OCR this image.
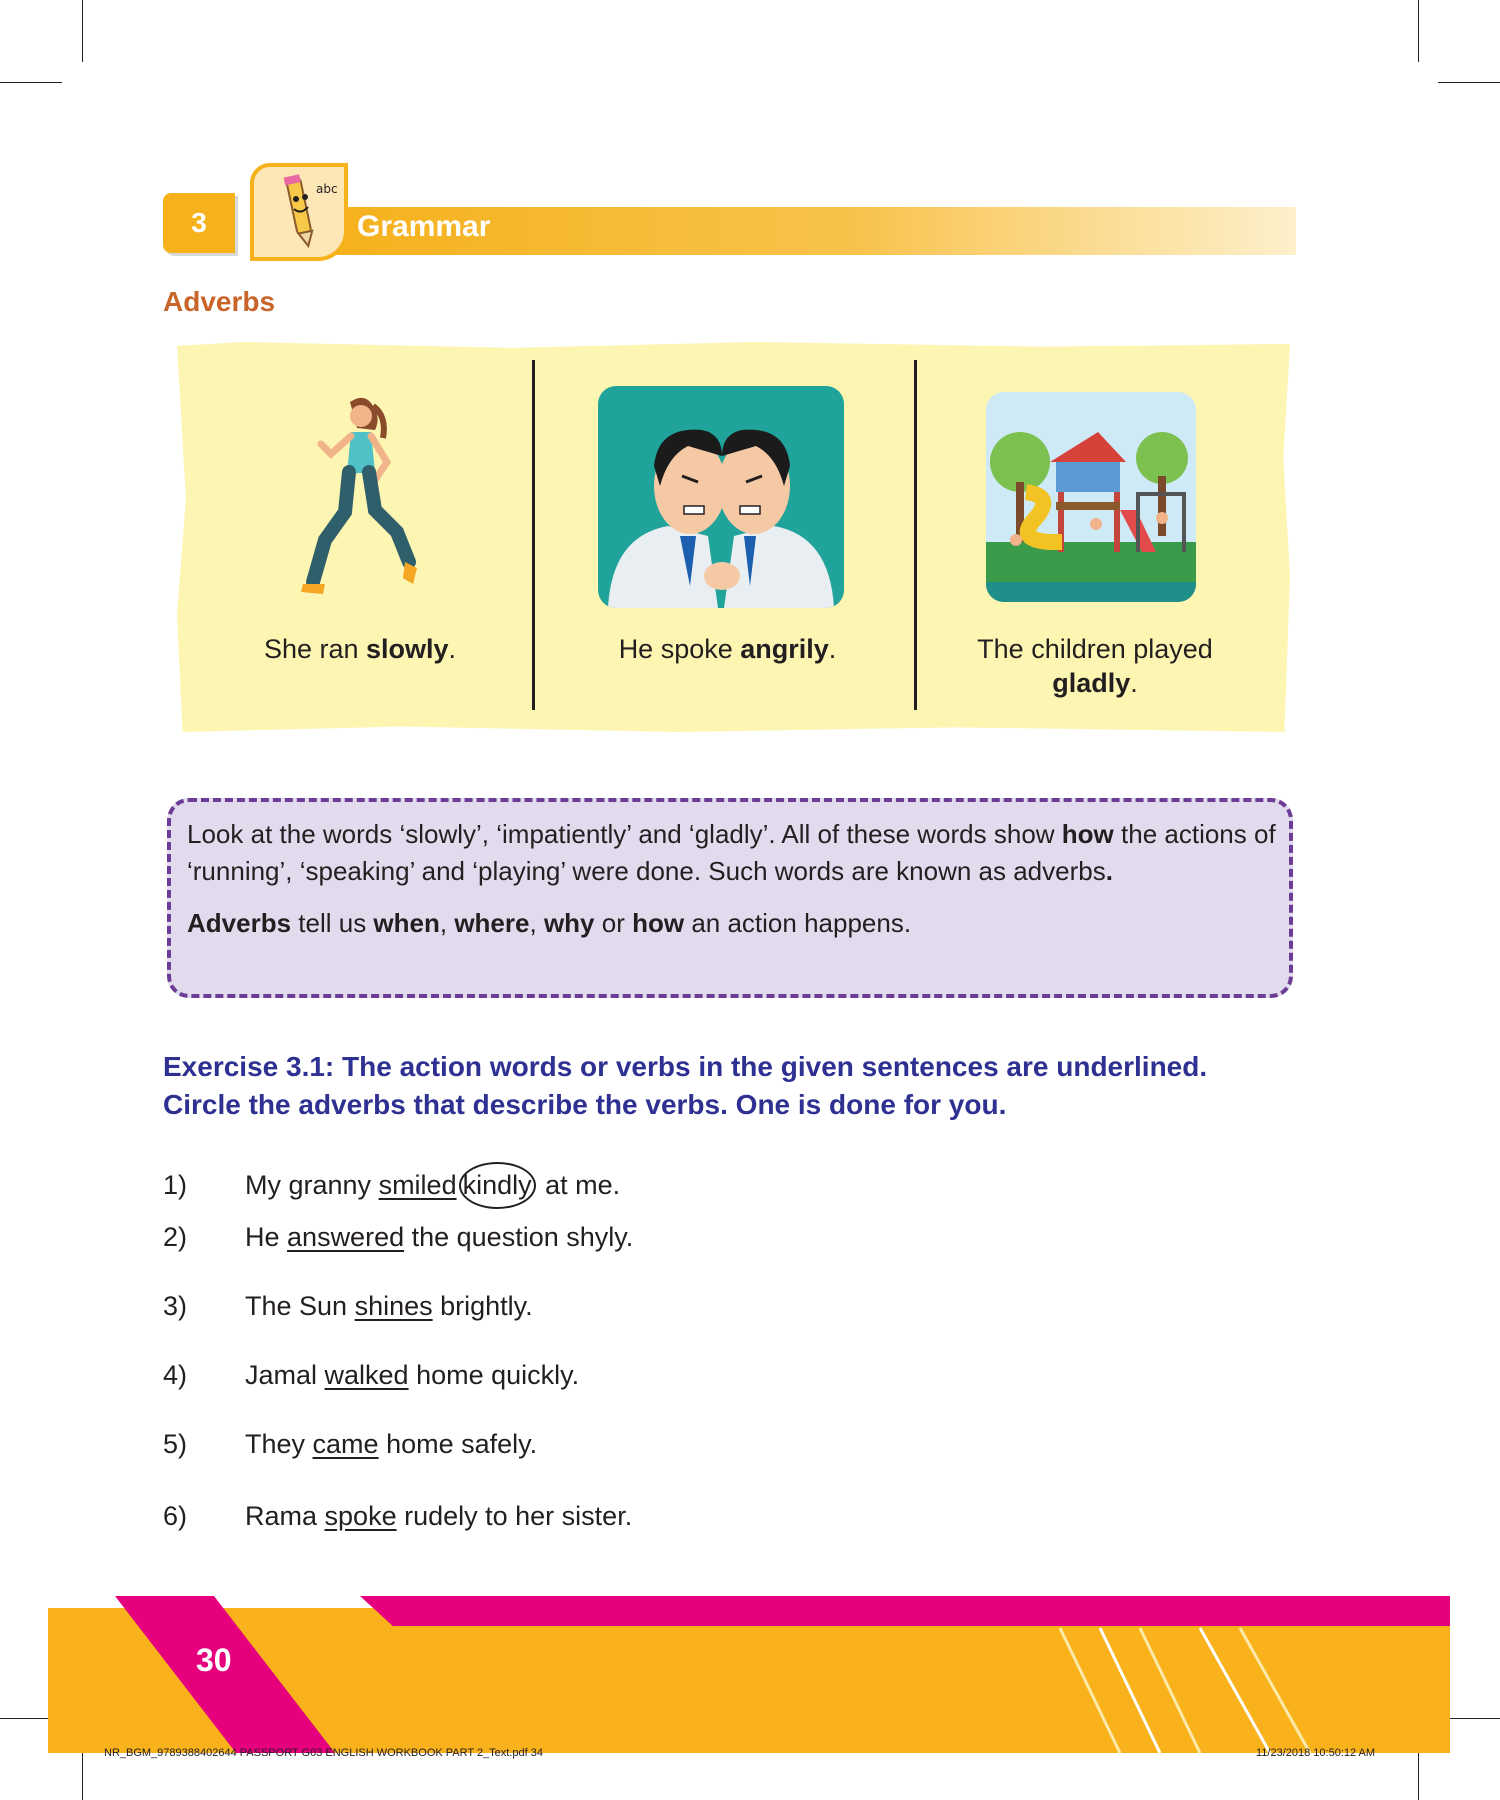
3
abc
Grammar
Adverbs
She ran slowly.	He spoke angrily.	The children played
gladly.

Look at the words ‘slowly’, ‘impatiently’ and ‘gladly’. All of these words show how the actions of ‘running’, ‘speaking’ and ‘playing’ were done. Such words are known as adverbs.

Adverbs tell us when, where, why or how an action happens.

Exercise 3.1: The action words or verbs in the given sentences are underlined.
Circle the adverbs that describe the verbs. One is done for you.
1) My granny smiled kindly at me.
2) He answered the question shyly.
3) The Sun shines brightly.
4) Jamal walked home quickly.
5) They came home safely.
6) Rama spoke rudely to her sister.
30
NR_BGM_9789388402644 PASSPORT G03 ENGLISH WORKBOOK PART 2_Text.pdf 34	11/23/2018 10:50:12 AM
